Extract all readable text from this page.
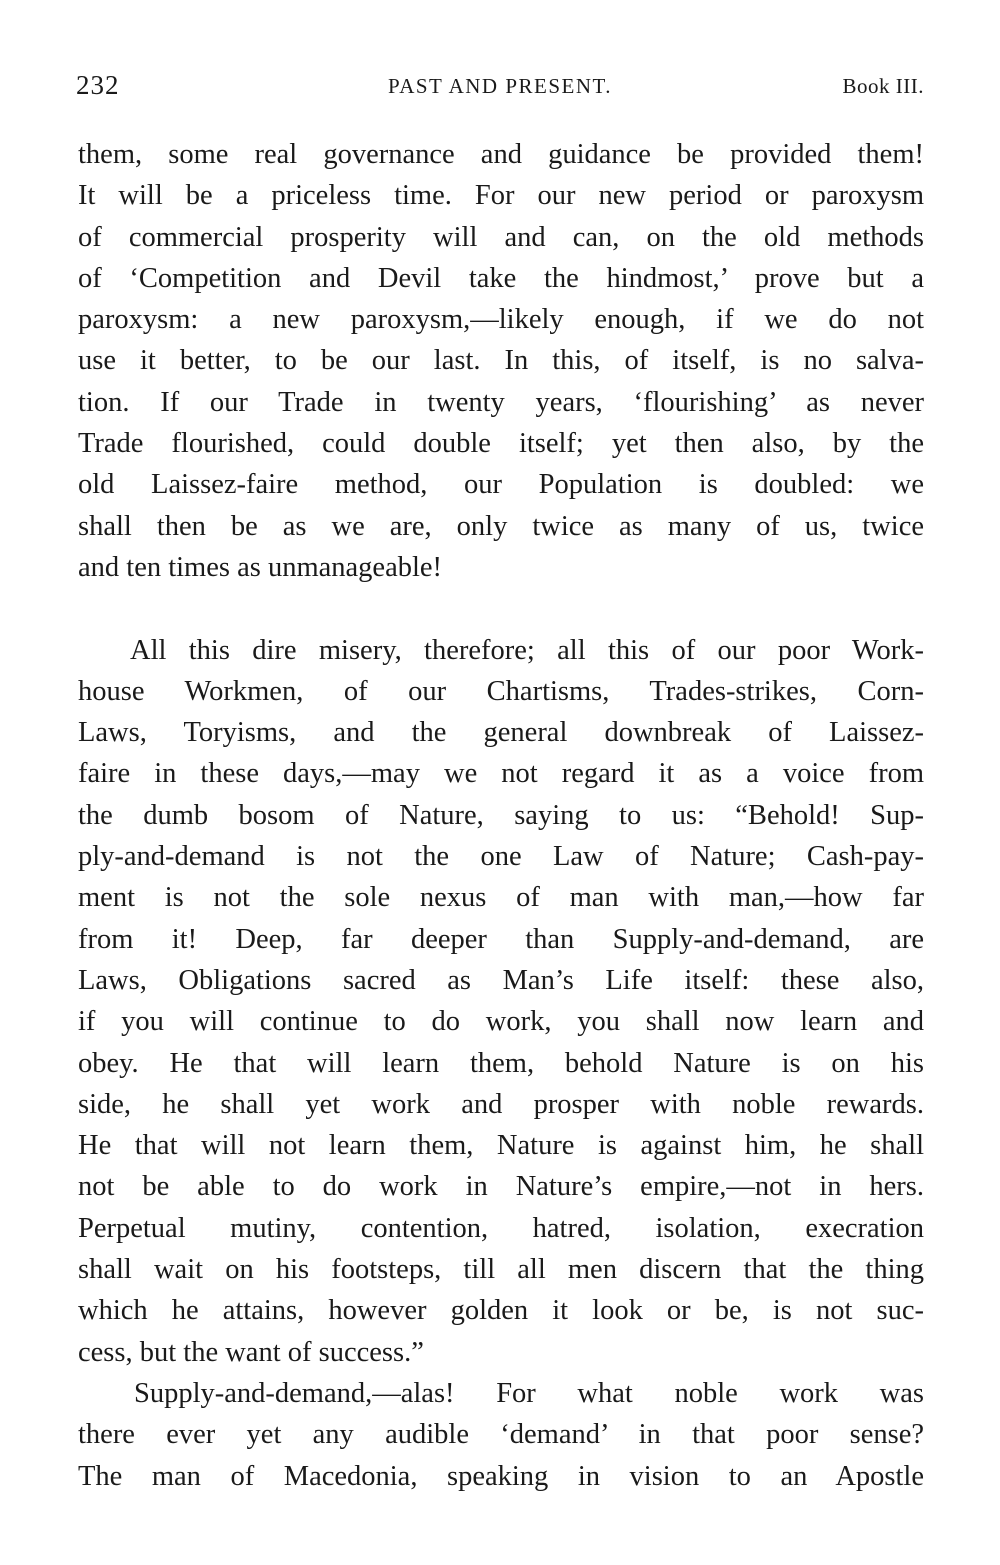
232	PAST AND PRESENT.	Book III.
them, some real governance and guidance be provided them!
It will be a priceless time. For our new period or paroxysm
of commercial prosperity will and can, on the old methods
of ‘Competition and Devil take the hindmost,’ prove but a
paroxysm: a new paroxysm,—likely enough, if we do not
use it better, to be our last. In this, of itself, is no salva-
tion. If our Trade in twenty years, ‘flourishing’ as never
Trade flourished, could double itself; yet then also, by the
old Laissez-faire method, our Population is doubled: we
shall then be as we are, only twice as many of us, twice
and ten times as unmanageable!
All this dire misery, therefore; all this of our poor Work-
house Workmen, of our Chartisms, Trades-strikes, Corn-
Laws, Toryisms, and the general downbreak of Laissez-
faire in these days,—may we not regard it as a voice from
the dumb bosom of Nature, saying to us: “Behold! Sup-
ply-and-demand is not the one Law of Nature; Cash-pay-
ment is not the sole nexus of man with man,—how far
from it! Deep, far deeper than Supply-and-demand, are
Laws, Obligations sacred as Man’s Life itself: these also,
if you will continue to do work, you shall now learn and
obey. He that will learn them, behold Nature is on his
side, he shall yet work and prosper with noble rewards.
He that will not learn them, Nature is against him, he shall
not be able to do work in Nature’s empire,—not in hers.
Perpetual mutiny, contention, hatred, isolation, execration
shall wait on his footsteps, till all men discern that the thing
which he attains, however golden it look or be, is not suc-
cess, but the want of success.”
Supply-and-demand,—alas! For what noble work was
there ever yet any audible ‘demand’ in that poor sense?
The man of Macedonia, speaking in vision to an Apostle
